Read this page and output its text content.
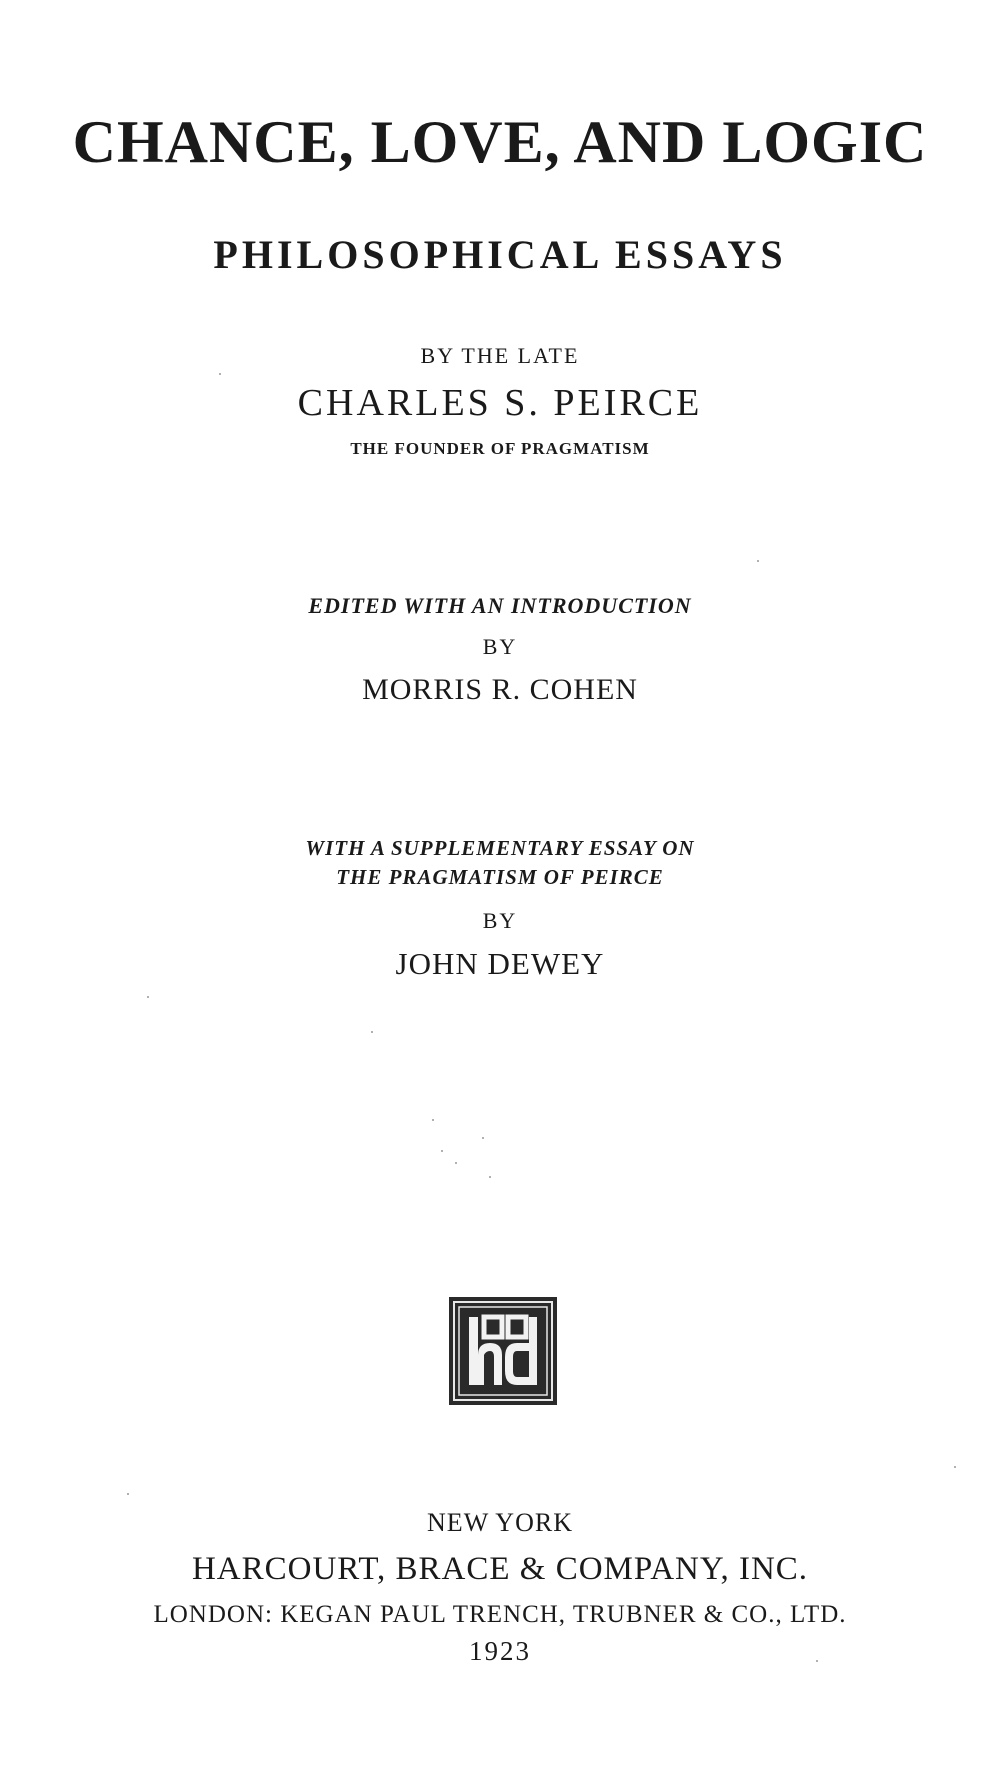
CHANCE, LOVE, AND LOGIC
PHILOSOPHICAL ESSAYS
BY THE LATE
CHARLES S. PEIRCE
THE FOUNDER OF PRAGMATISM
EDITED WITH AN INTRODUCTION
BY
MORRIS R. COHEN
WITH A SUPPLEMENTARY ESSAY ON
THE PRAGMATISM OF PEIRCE
BY
JOHN DEWEY
NEW YORK
HARCOURT, BRACE & COMPANY, INC.
LONDON: KEGAN PAUL TRENCH, TRUBNER & CO., LTD.
1923
